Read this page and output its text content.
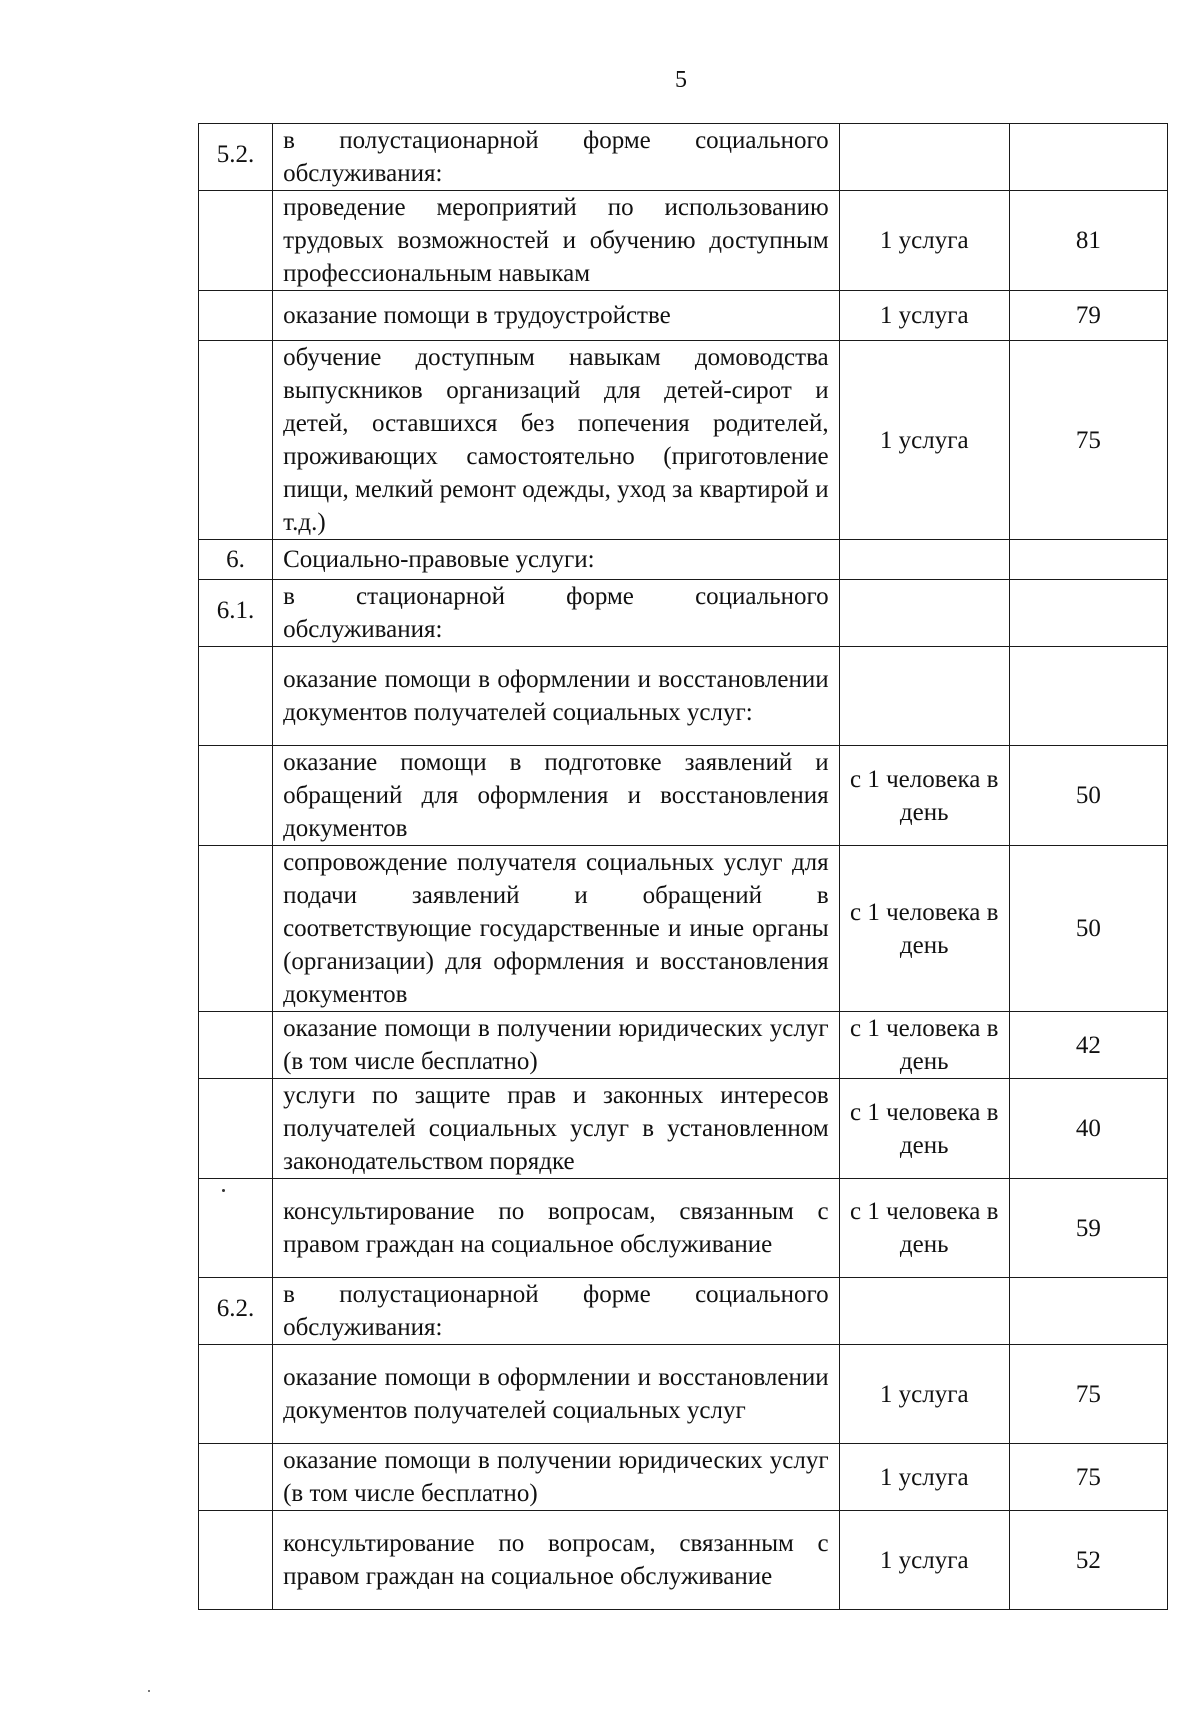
5
5.2.	в полустационарной форме социального обслуживания:		
	проведение мероприятий по использованию трудовых возможностей и обучению доступным профессиональным навыкам	1 услуга	81
	оказание помощи в трудоустройстве	1 услуга	79
	обучение доступным навыкам домоводства выпускников организаций для детей-сирот и детей, оставшихся без попечения родителей, проживающих самостоятельно (приготовление пищи, мелкий ремонт одежды, уход за квартирой и т.д.)	1 услуга	75
6.	Социально-правовые услуги:		
6.1.	в стационарной форме социального обслуживания:		
	оказание помощи в оформлении и восстановлении документов получателей социальных услуг:		
	оказание помощи в подготовке заявлений и обращений для оформления и восстановления документов	с 1 человека в день	50
	сопровождение получателя социальных услуг для подачи заявлений и обращений в соответствующие государственные и иные органы (организации) для оформления и восстановления документов	с 1 человека в день	50
	оказание помощи в получении юридических услуг (в том числе бесплатно)	с 1 человека в день	42
	услуги по защите прав и законных интересов получателей социальных услуг в установленном законодательством порядке	с 1 человека в день	40
	консультирование по вопросам, связанным с правом граждан на социальное обслуживание	с 1 человека в день	59
6.2.	в полустационарной форме социального обслуживания:		
	оказание помощи в оформлении и восстановлении документов получателей социальных услуг	1 услуга	75
	оказание помощи в получении юридических услуг (в том числе бесплатно)	1 услуга	75
	консультирование по вопросам, связанным с правом граждан на социальное обслуживание	1 услуга	52
